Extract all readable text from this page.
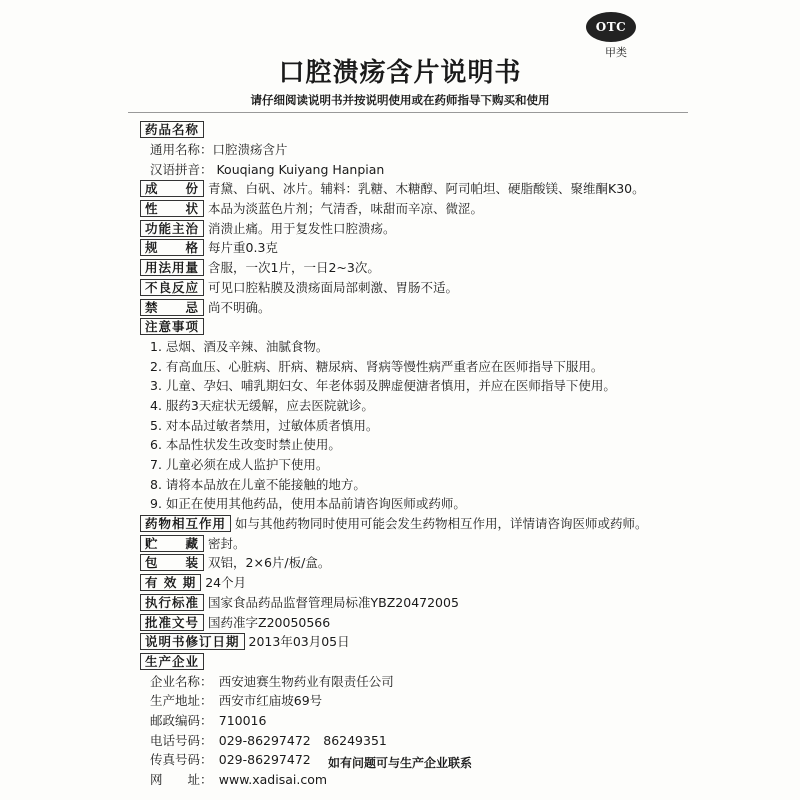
OTC
甲类
口腔溃疡含片说明书
请仔细阅读说明书并按说明使用或在药师指导下购买和使用
药品名称
通用名称：口腔溃疡含片
汉语拼音： Kouqiang Kuiyang Hanpian
成　　份 青黛、白矾、冰片。辅料：乳糖、木糖醇、阿司帕坦、硬脂酸镁、聚维酮K30。
性　　状 本品为淡蓝色片剂；气清香，味甜而辛凉、微涩。
功能主治 消溃止痛。用于复发性口腔溃疡。
规　　格 每片重0.3克
用法用量 含服，一次1片，一日2~3次。
不良反应 可见口腔粘膜及溃疡面局部刺激、胃肠不适。
禁　　忌 尚不明确。
注意事项
1. 忌烟、酒及辛辣、油腻食物。
2. 有高血压、心脏病、肝病、糖尿病、肾病等慢性病严重者应在医师指导下服用。
3. 儿童、孕妇、哺乳期妇女、年老体弱及脾虚便溏者慎用，并应在医师指导下使用。
4. 服药3天症状无缓解，应去医院就诊。
5. 对本品过敏者禁用，过敏体质者慎用。
6. 本品性状发生改变时禁止使用。
7. 儿童必须在成人监护下使用。
8. 请将本品放在儿童不能接触的地方。
9. 如正在使用其他药品，使用本品前请咨询医师或药师。
药物相互作用 如与其他药物同时使用可能会发生药物相互作用，详情请咨询医师或药师。
贮　　藏 密封。
包　　装 双铝，2×6片/板/盒。
有 效 期 24个月
执行标准 国家食品药品监督管理局标准YBZ20472005
批准文号 国药准字Z20050566
说明书修订日期 2013年03月05日
生产企业
企业名称：　西安迪赛生物药业有限责任公司
生产地址：　西安市红庙坡69号
邮政编码：　710016
电话号码：　029-86297472　86249351
传真号码：　029-86297472
网　　址：　www.xadisai.com
如有问题可与生产企业联系
